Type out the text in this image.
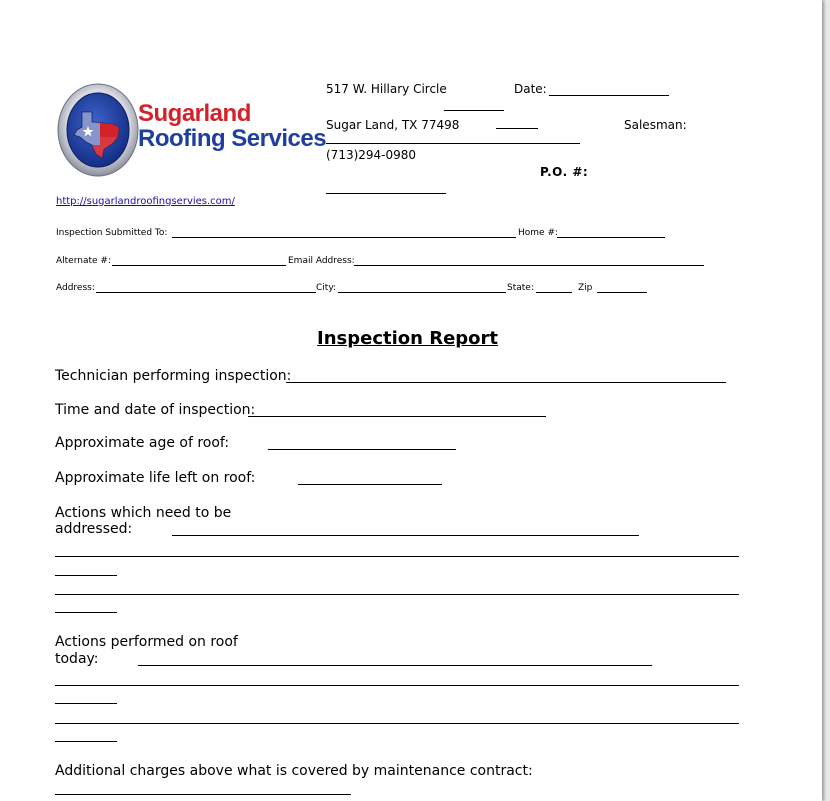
Sugarland
Roofing Services
517 W. Hillary Circle
Sugar Land, TX 77498
(713)294-0980
Date:
Salesman:
P.O. #:
http://sugarlandroofingservies.com/
Inspection Submitted To:	Home #:
Alternate #:	Email Address:
Address:	City:	State:	Zip
Inspection Report
Technician performing inspection:
Time and date of inspection:
Approximate age of roof:
Approximate life left on roof:
Actions which need to be
addressed:
Actions performed on roof
today:
Additional charges above what is covered by maintenance contract:
